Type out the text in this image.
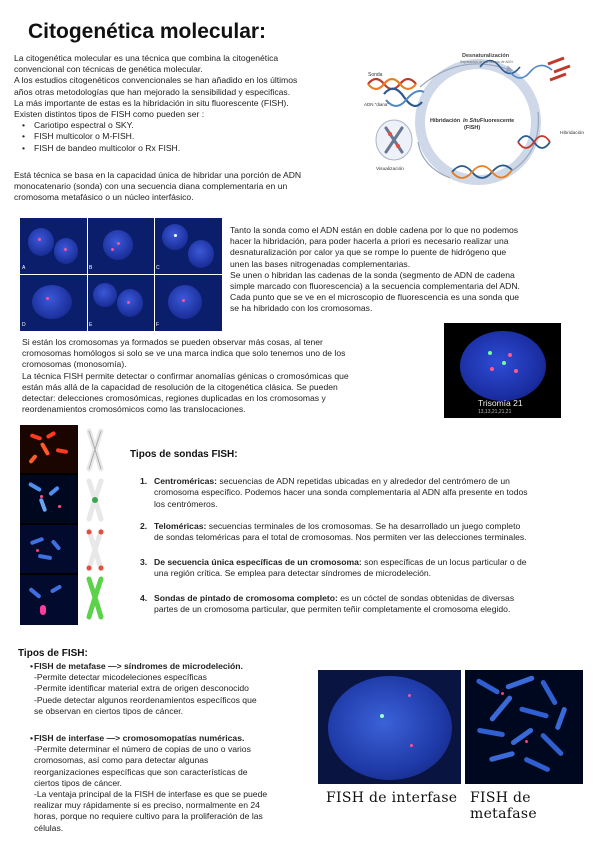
Citogenética molecular:
La citogenética molecular es una técnica que combina la citogenética
convencional con técnicas de genética molecular.
A los estudios citogenéticos convencionales se han añadido en los últimos
años otras metodologías que han mejorado la sensibilidad y especificas.
La más importante de estas es la hibridación in situ fluorescente (FISH).
Existen distintos tipos de FISH como pueden ser :
• Cariotipo espectral o SKY.
• FISH multicolor o M-FISH.
• FISH de bandeo multicolor o Rx FISH.
Está técnica se basa en la capacidad única de hibridar una porción de ADN
monocatenario (sonda) con una secuencia diana complementaria en un
cromosoma metafásico o un núcleo interfásico.
Desnaturalización
Separación de las hebras de ADN
Sonda
ADN "diana"
Hibridación In Situ Fluorescente
(FISH)
Hibridación
Visualización
A	B	C
D	E	F
Tanto la sonda como el ADN están en doble cadena por lo que no podemos
hacer la hibridación, para poder hacerla a priori es necesario realizar una
desnaturalización por calor ya que se rompe lo puente de hidrógeno que
unen las bases nitrogenadas complementarias.
Se unen o hibridan las cadenas de la sonda (segmento de ADN de cadena
simple marcado con fluorescencia) a la secuencia complementaria del ADN.
Cada punto que se ve en el microscopio de fluorescencia es una sonda que
se ha hibridado con los cromosomas.
Si están los cromosomas ya formados se pueden observar más cosas, al tener
cromosomas homólogos si solo se ve una marca indica que solo tenemos uno de los
cromosomas (monosomía).
La técnica FISH permite detectar o confirmar anomalías génicas o cromosómicas que
están más allá de la capacidad de resolución de la citogenética clásica. Se pueden
detectar: delecciones cromosómicas, regiones duplicadas en los cromosomas y
reordenamientos cromosómicos como las translocaciones.
Trisomía 21
13,13,21,21,21
Tipos de sondas FISH:
1. Centroméricas: secuencias de ADN repetidas ubicadas en y alrededor del centrómero de un
cromosoma específico. Podemos hacer una sonda complementaria al ADN alfa presente en todos
los centrómeros.
2. Teloméricas: secuencias terminales de los cromosomas. Se ha desarrollado un juego completo
de sondas teloméricas para el total de cromosomas. Nos permiten ver las delecciones terminales.
3. De secuencia única específicas de un cromosoma: son específicas de un locus particular o de
una región crítica. Se emplea para detectar síndromes de microdeleción.
4. Sondas de pintado de cromosoma completo: es un cóctel de sondas obtenidas de diversas
partes de un cromosoma particular, que permiten teñir completamente el cromosoma elegido.
Tipos de FISH:
• FISH de metafase —> síndromes de microdeleción.
-Permite detectar micodeleciones específicas
-Permite identificar material extra de origen desconocido
-Puede detectar algunos reordenamientos específicos que
se observan en ciertos tipos de cáncer.
• FISH de interfase —> cromosomopatías numéricas.
-Permite determinar el número de copias de uno o varios
cromosomas, así como para detectar algunas
reorganizaciones específicas que son características de
ciertos tipos de cáncer.
-La ventaja principal de la FISH de interfase es que se puede
realizar muy rápidamente si es preciso, normalmente en 24
horas, porque no requiere cultivo para la proliferación de las
células.
FISH de interfase FISH de metafase
